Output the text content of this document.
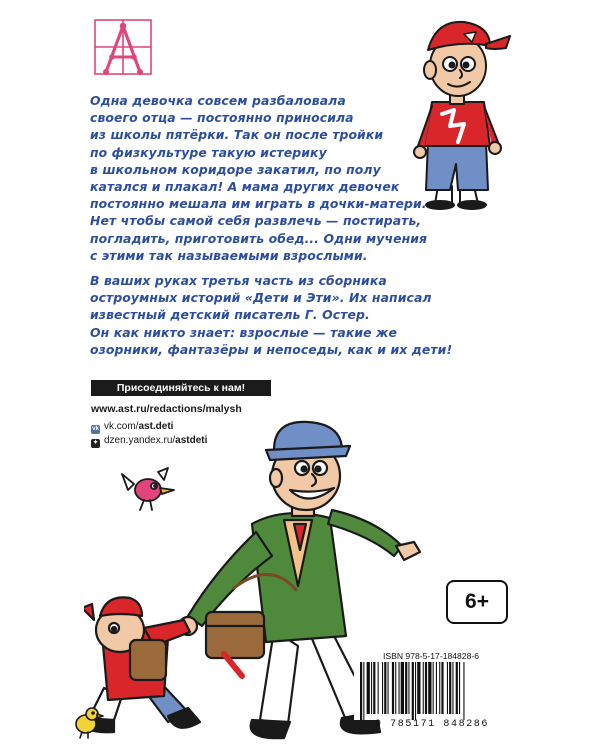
Одна девочка совсем разбаловала
своего отца — постоянно приносила
из школы пятёрки. Так он после тройки
по физкультуре такую истерику
в школьном коридоре закатил, по полу
катался и плакал! А мама других девочек
постоянно мешала им играть в дочки-матери.
Нет чтобы самой себя развлечь — постирать,
погладить, приготовить обед... Одни мучения
с этими так называемыми взрослыми.

В ваших руках третья часть из сборника
остроумных историй «Дети и Эти». Их написал
известный детский писатель Г. Остер.
Он как никто знает: взрослые — такие же
озорники, фантазёры и непоседы, как и их дети!

Присоединяйтесь к нам!
www.ast.ru/redactions/malysh
vk vk.com/ast.deti
✦ dzen.yandex.ru/astdeti
6+
ISBN 978-5-17-184828-6
9 785171 848286
